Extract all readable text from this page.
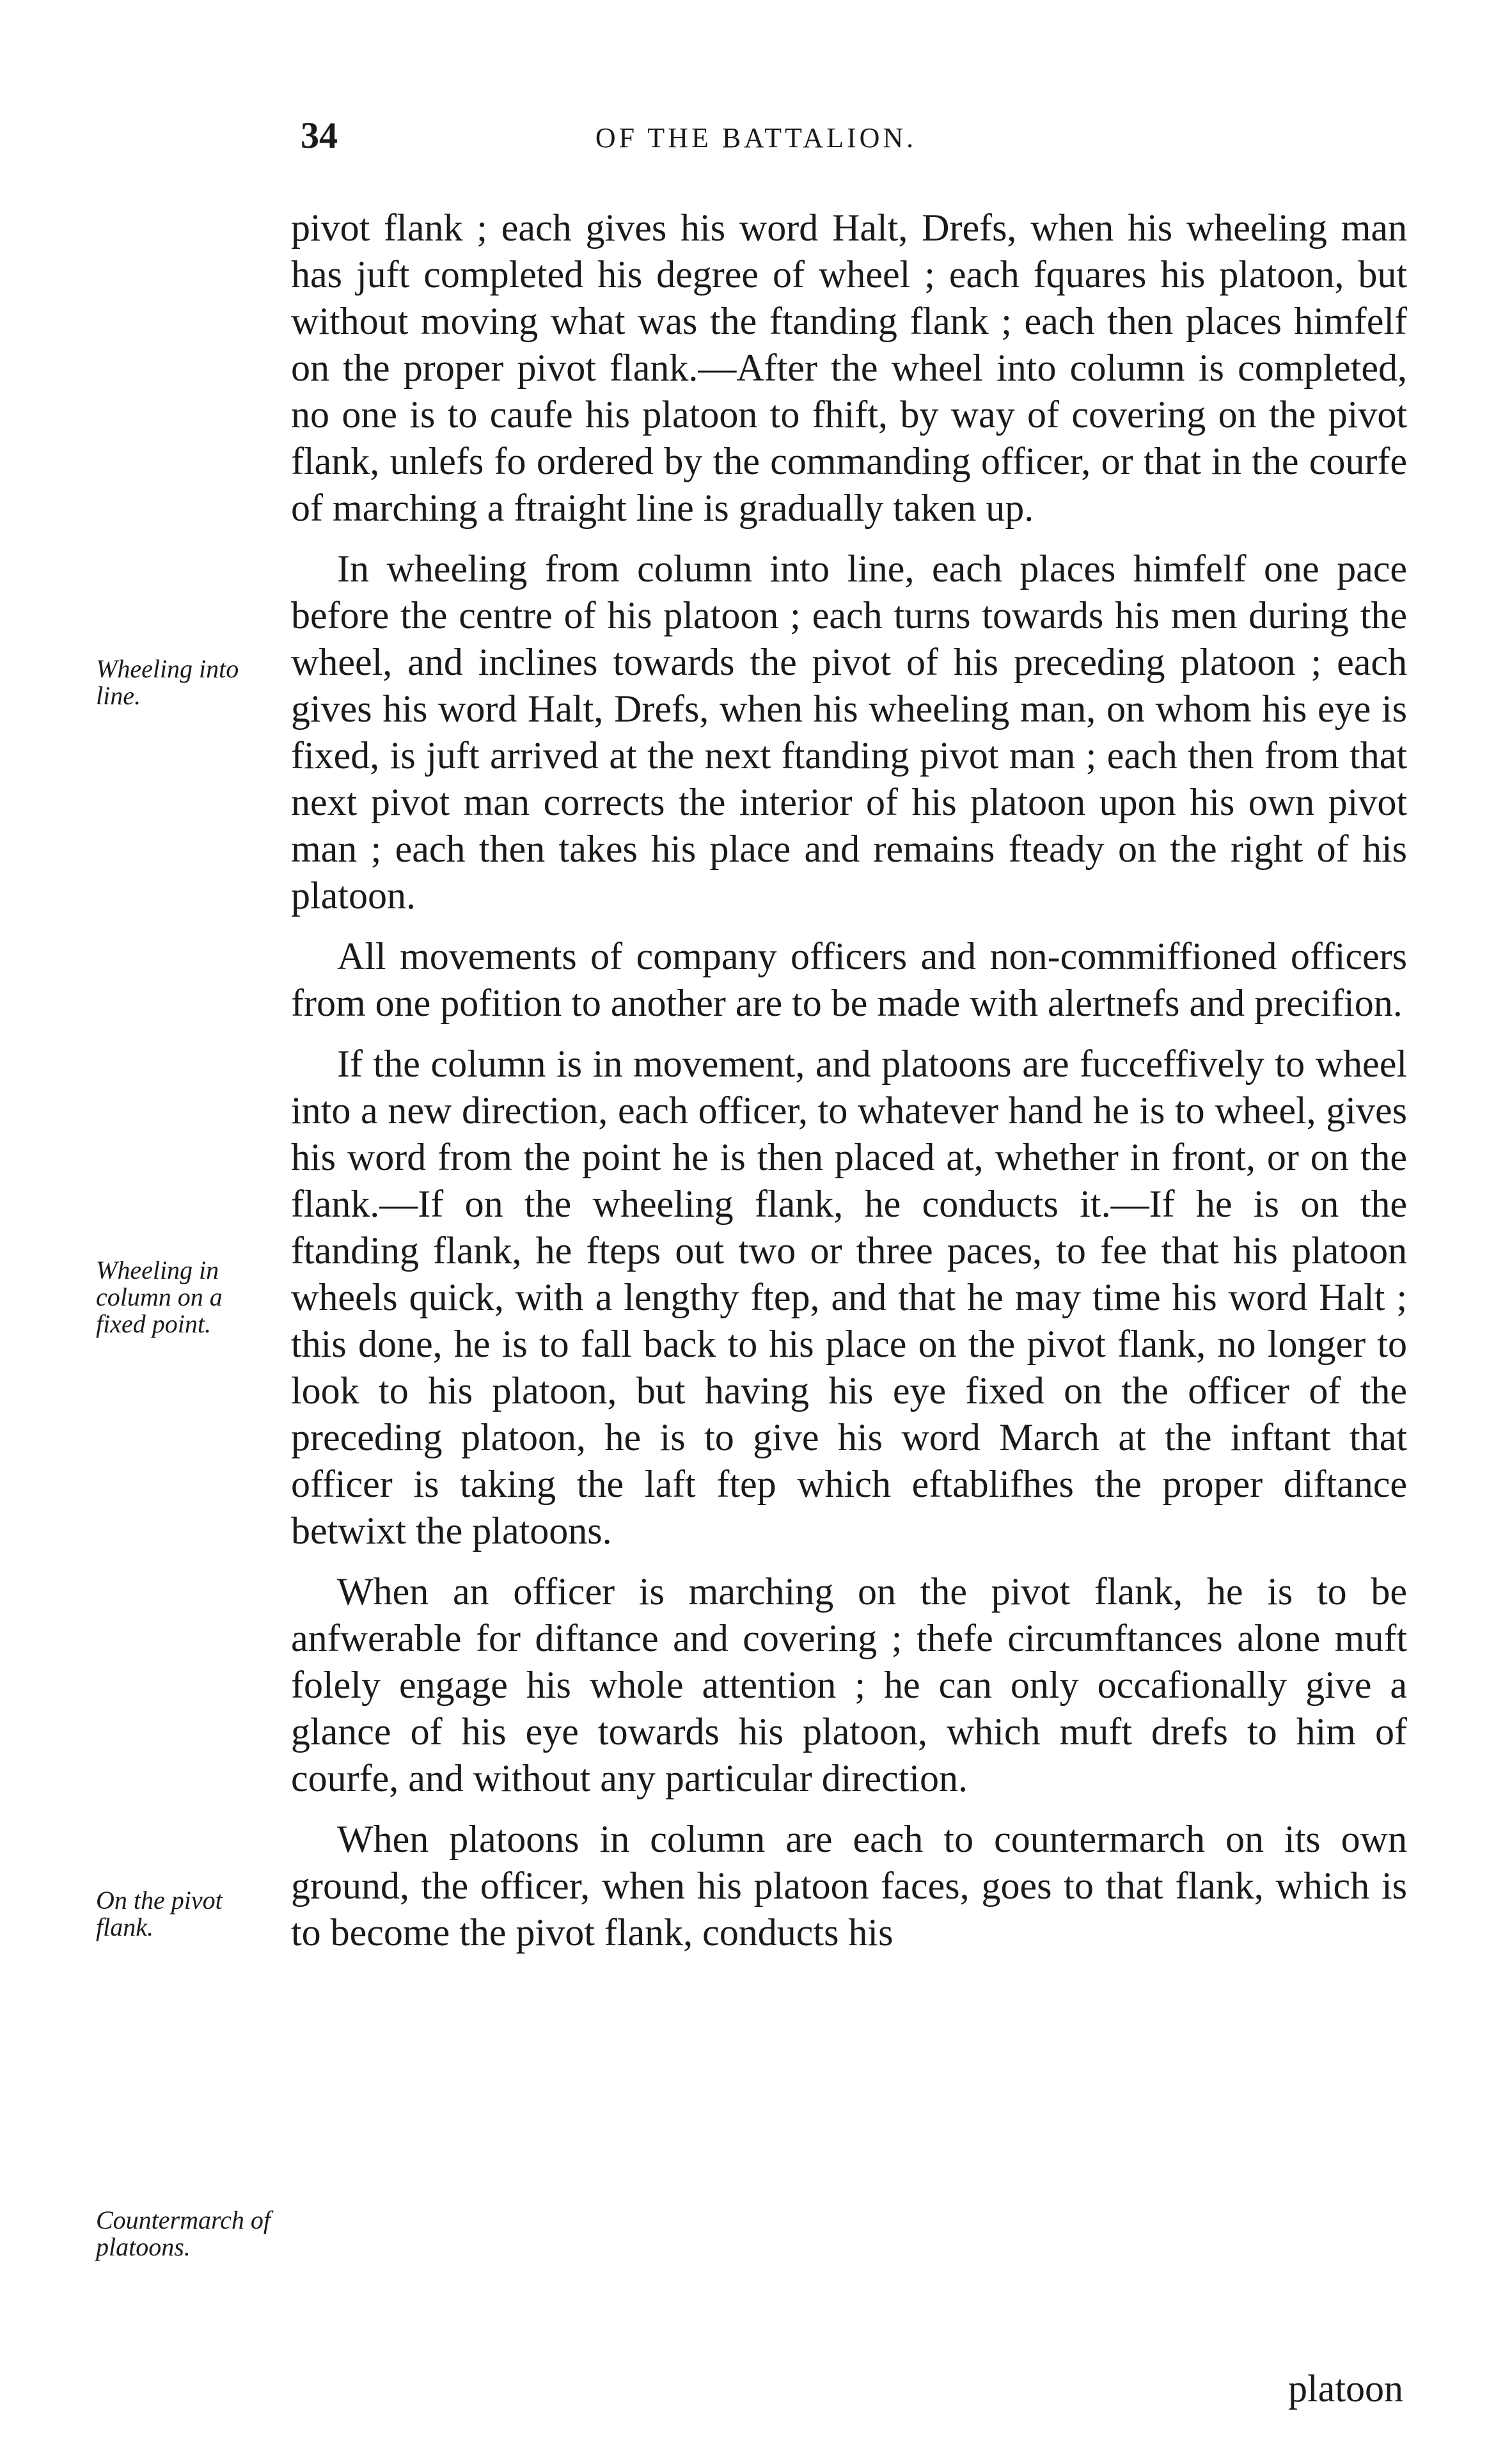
34	OF THE BATTALION.

pivot flank ; each gives his word Halt, Drefs, when his wheeling man has juft completed his degree of wheel ; each fquares his platoon, but without moving what was the ftanding flank ; each then places himfelf on the proper pivot flank.—After the wheel into column is completed, no one is to caufe his platoon to fhift, by way of covering on the pivot flank, unlefs fo ordered by the commanding officer, or that in the courfe of marching a ftraight line is gradually taken up.

In wheeling from column into line, each places himfelf one pace before the centre of his platoon ; each turns towards his men during the wheel, and inclines towards the pivot of his preceding platoon ; each gives his word Halt, Drefs, when his wheeling man, on whom his eye is fixed, is juft arrived at the next ftanding pivot man ; each then from that next pivot man corrects the interior of his platoon upon his own pivot man ; each then takes his place and remains fteady on the right of his platoon.

All movements of company officers and non-commiffioned officers from one pofition to another are to be made with alertnefs and precifion.

If the column is in movement, and platoons are fucceffively to wheel into a new direction, each officer, to whatever hand he is to wheel, gives his word from the point he is then placed at, whether in front, or on the flank.—If on the wheeling flank, he conducts it.—If he is on the ftanding flank, he fteps out two or three paces, to fee that his platoon wheels quick, with a lengthy ftep, and that he may time his word Halt ; this done, he is to fall back to his place on the pivot flank, no longer to look to his platoon, but having his eye fixed on the officer of the preceding platoon, he is to give his word March at the inftant that officer is taking the laft ftep which eftablifhes the proper diftance betwixt the platoons.

When an officer is marching on the pivot flank, he is to be anfwerable for diftance and covering ; thefe circumftances alone muft folely engage his whole attention ; he can only occafionally give a glance of his eye towards his platoon, which muft drefs to him of courfe, and without any particular direction.

When platoons in column are each to countermarch on its own ground, the officer, when his platoon faces, goes to that flank, which is to become the pivot flank, conducts his

Wheeling into line.
Wheeling in column on a fixed point.
On the pivot flank.
Countermarch of platoons.
platoon
